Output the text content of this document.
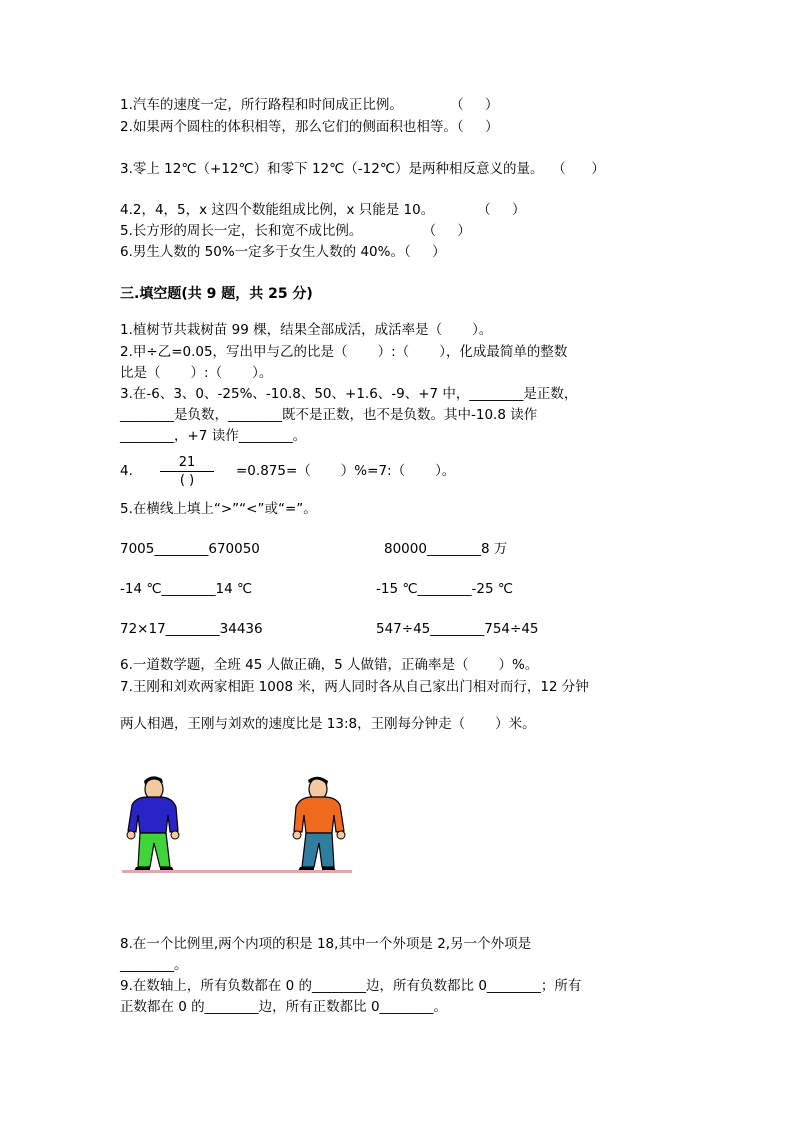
1.汽车的速度一定，所行路程和时间成正比例。           （     ）
2.如果两个圆柱的体积相等，那么它们的侧面积也相等。（     ）
3.零上 12℃（+12℃）和零下 12℃（-12℃）是两种相反意义的量。  （      ）
4.2，4，5，x 这四个数能组成比例，x 只能是 10。          （     ）
5.长方形的周长一定，长和宽不成比例。              （     ）
6.男生人数的 50%一定多于女生人数的 40%。（     ）
三.填空题(共 9 题，共 25 分)
1.植树节共栽树苗 99 棵，结果全部成活，成活率是（       ）。
2.甲÷乙=0.05，写出甲与乙的比是（       ）:（       ），化成最简单的整数
比是（       ）:（       ）。
3.在-6、3、0、-25%、-10.8、50、+1.6、-9、+7 中，________是正数，
________是负数，________既不是正数，也不是负数。其中-10.8 读作
________，+7 读作________。
4.
21
( )
=0.875=（       ）%=7:（       ）。
5.在横线上填上“>”“<”或“=”。
7005________670050	80000________8 万
-14 ℃________14 ℃	-15 ℃________-25 ℃
72×17________34436	547÷45________754÷45
6.一道数学题，全班 45 人做正确，5 人做错，正确率是（       ）%。
7.王刚和刘欢两家相距 1008 米，两人同时各从自己家出门相对而行，12 分钟
两人相遇，王刚与刘欢的速度比是 13:8，王刚每分钟走（       ）米。
8.在一个比例里,两个内项的积是 18,其中一个外项是 2,另一个外项是
________。
9.在数轴上，所有负数都在 0 的________边，所有负数都比 0________；所有
正数都在 0 的________边，所有正数都比 0________。
